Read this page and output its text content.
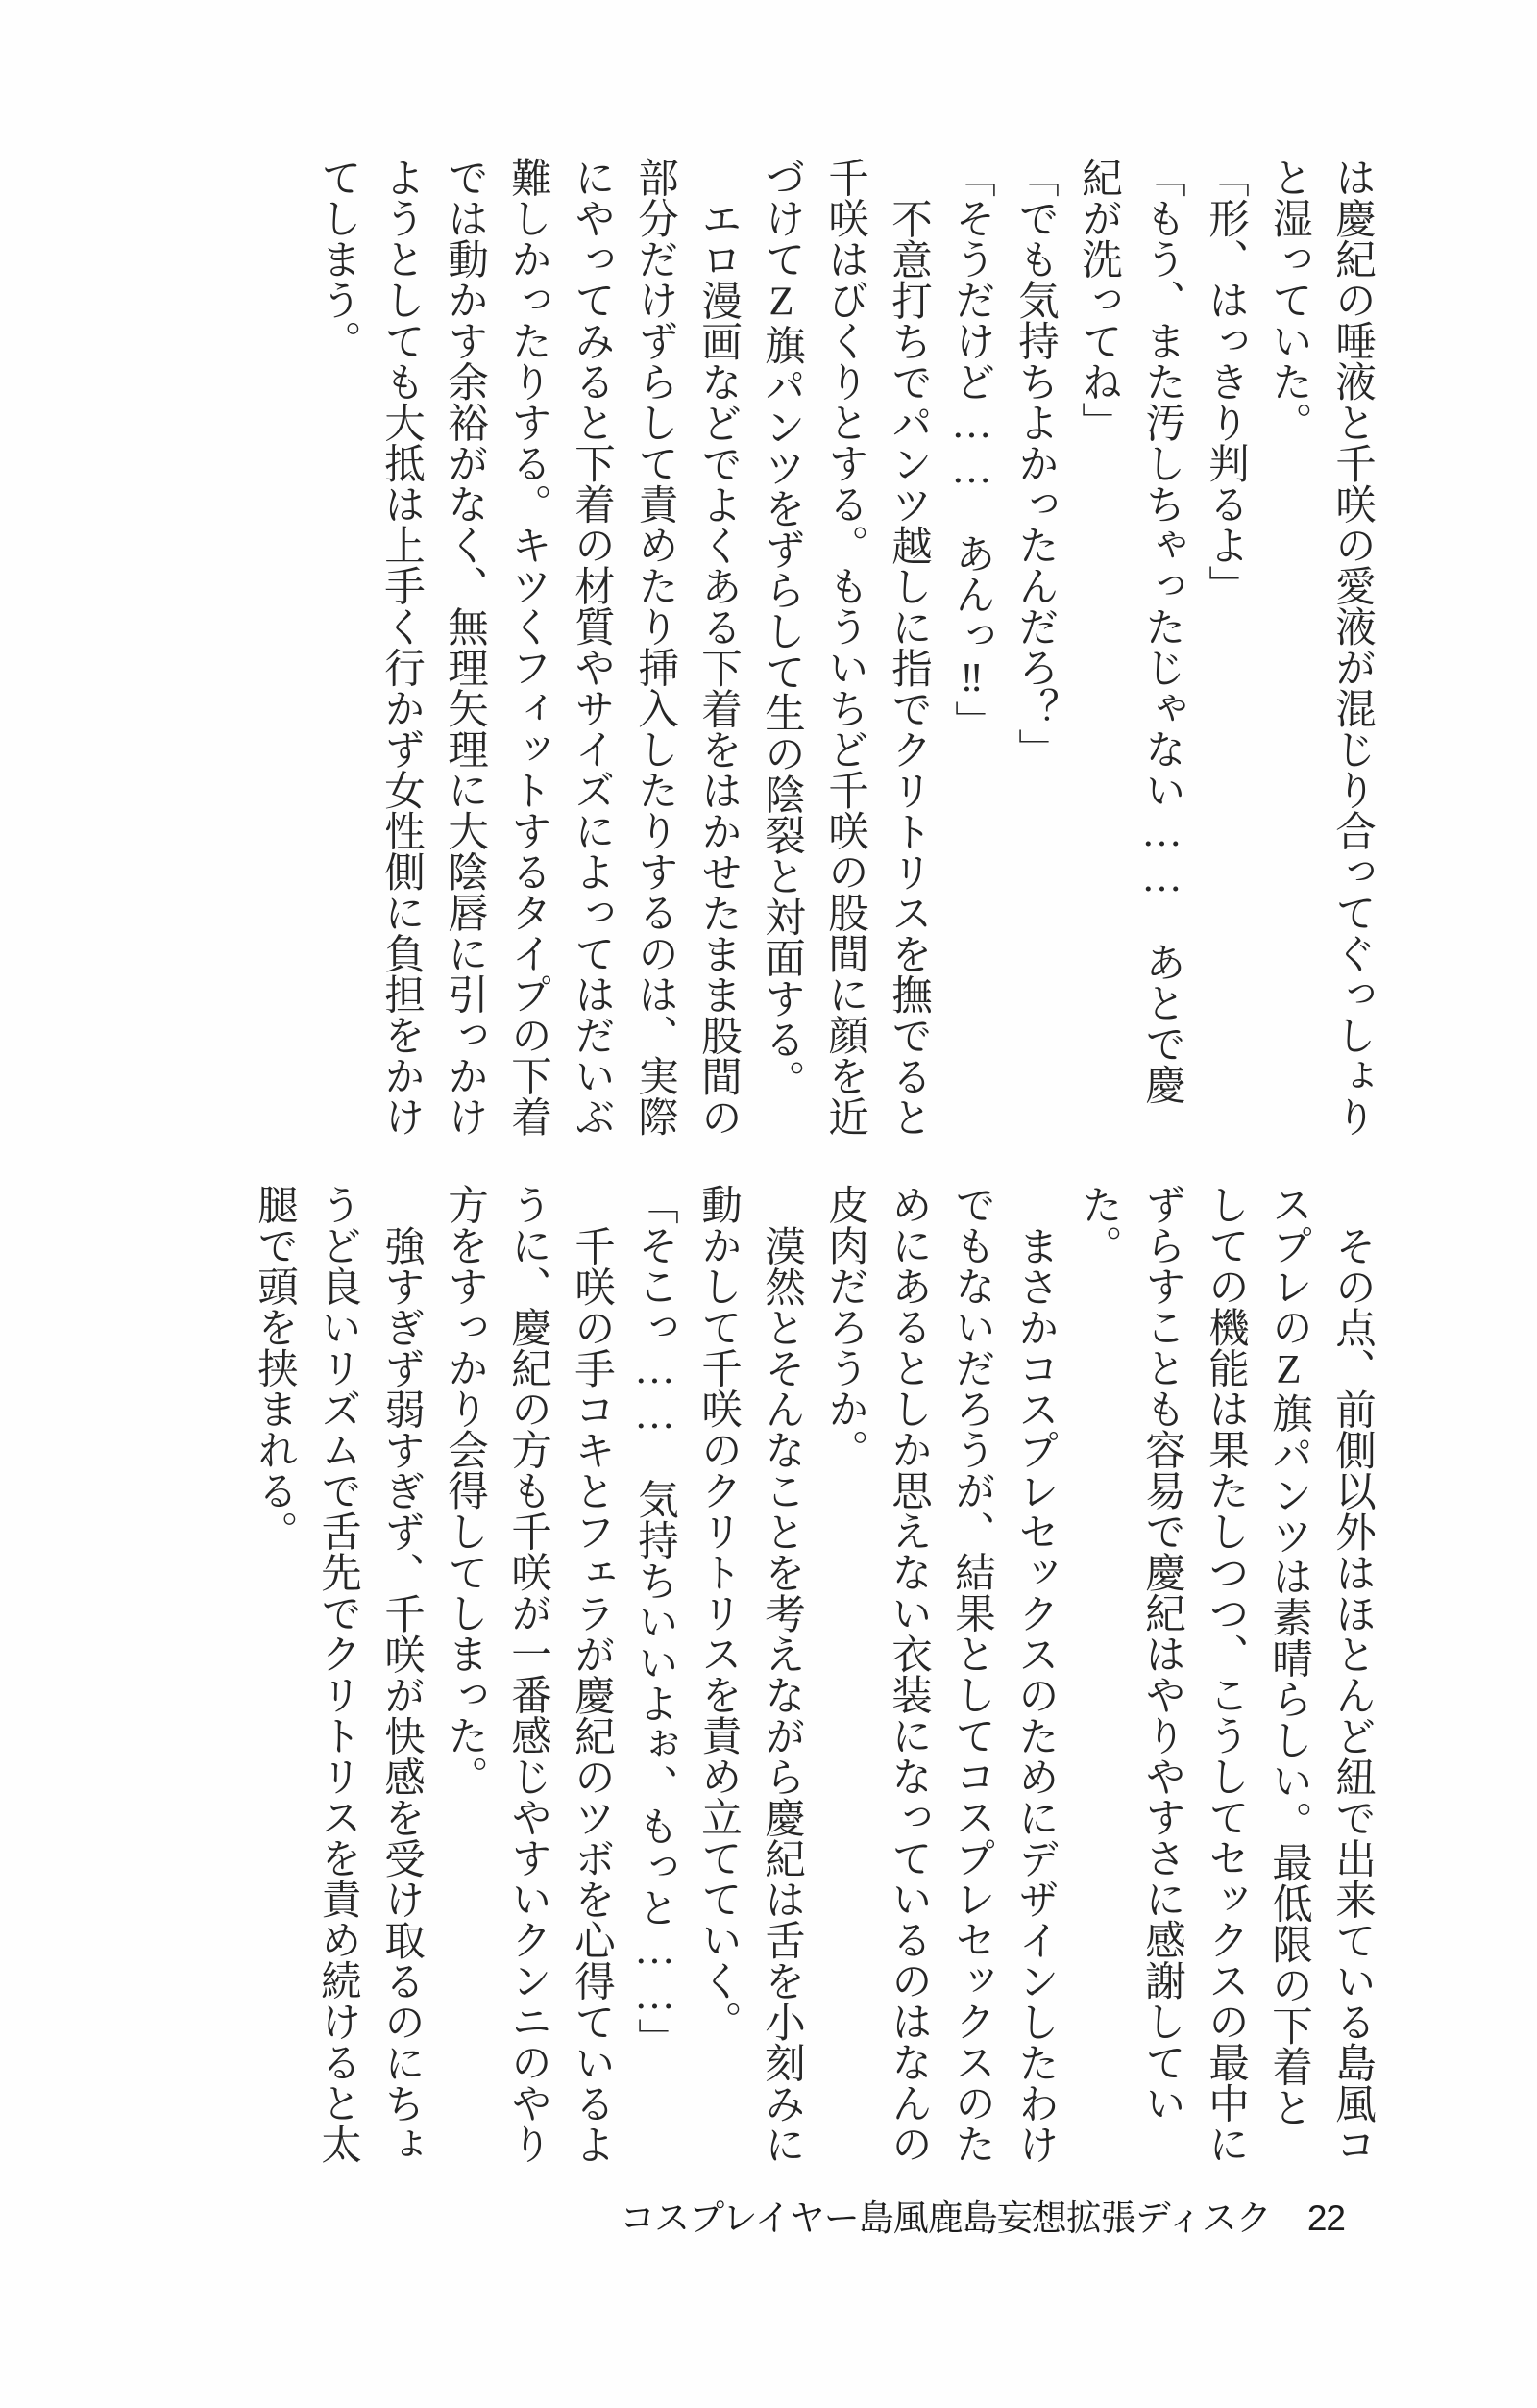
は慶紀の唾液と千咲の愛液が混じり合ってぐっしょりと湿っていた。

「形、はっきり判るよ」

「もう、また汚しちゃったじゃない……　あとで慶紀が洗ってね」

「でも気持ちよかったんだろ？」

「そうだけど……　あんっ‼」

不意打ちでパンツ越しに指でクリトリスを撫でると千咲はびくりとする。もういちど千咲の股間に顔を近づけてZ旗パンツをずらして生の陰裂と対面する。

エロ漫画などでよくある下着をはかせたまま股間の部分だけずらして責めたり挿入したりするのは、実際にやってみると下着の材質やサイズによってはだいぶ難しかったりする。キツくフィットするタイプの下着では動かす余裕がなく、無理矢理に大陰唇に引っかけようとしても大抵は上手く行かず女性側に負担をかけてしまう。

その点、前側以外はほとんど紐で出来ている島風コスプレのZ旗パンツは素晴らしい。最低限の下着としての機能は果たしつつ、こうしてセックスの最中にずらすことも容易で慶紀はやりやすさに感謝していた。

まさかコスプレセックスのためにデザインしたわけでもないだろうが、結果としてコスプレセックスのためにあるとしか思えない衣装になっているのはなんの皮肉だろうか。

漠然とそんなことを考えながら慶紀は舌を小刻みに動かして千咲のクリトリスを責め立てていく。

「そこっ……　気持ちいいよぉ、もっと……」

千咲の手コキとフェラが慶紀のツボを心得ているように、慶紀の方も千咲が一番感じやすいクンニのやり方をすっかり会得してしまった。

強すぎず弱すぎず、千咲が快感を受け取るのにちょうど良いリズムで舌先でクリトリスを責め続けると太腿で頭を挟まれる。

コスプレイヤー島風鹿島妄想拡張ディスク 22
